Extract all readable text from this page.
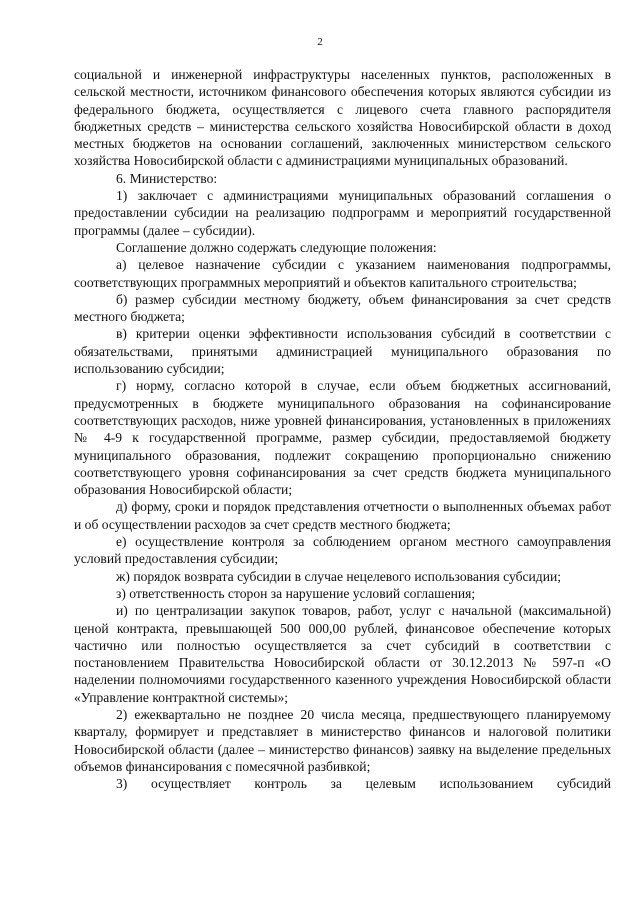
2

социальной и инженерной инфраструктуры населенных пунктов, расположенных в сельской местности, источником финансового обеспечения которых являются субсидии из федерального бюджета, осуществляется с лицевого счета главного распорядителя бюджетных средств – министерства сельского хозяйства Новосибирской области в доход местных бюджетов на основании соглашений, заключенных министерством сельского хозяйства Новосибирской области с администрациями муниципальных образований.

6. Министерство:

1) заключает с администрациями муниципальных образований соглашения о предоставлении субсидии на реализацию подпрограмм и мероприятий государственной программы (далее – субсидии).

Соглашение должно содержать следующие положения:

а) целевое назначение субсидии с указанием наименования подпрограммы, соответствующих программных мероприятий и объектов капитального строительства;

б) размер субсидии местному бюджету, объем финансирования за счет средств местного бюджета;

в) критерии оценки эффективности использования субсидий в соответствии с обязательствами, принятыми администрацией муниципального образования по использованию субсидии;

г) норму, согласно которой в случае, если объем бюджетных ассигнований, предусмотренных в бюджете муниципального образования на софинансирование соответствующих расходов, ниже уровней финансирования, установленных в приложениях № 4-9 к государственной программе, размер субсидии, предоставляемой бюджету муниципального образования, подлежит сокращению пропорционально снижению соответствующего уровня софинансирования за счет средств бюджета муниципального образования Новосибирской области;

д) форму, сроки и порядок представления отчетности о выполненных объемах работ и об осуществлении расходов за счет средств местного бюджета;

е) осуществление контроля за соблюдением органом местного самоуправления условий предоставления субсидии;

ж) порядок возврата субсидии в случае нецелевого использования субсидии;

з) ответственность сторон за нарушение условий соглашения;

и) по централизации закупок товаров, работ, услуг с начальной (максимальной) ценой контракта, превышающей 500 000,00 рублей, финансовое обеспечение которых частично или полностью осуществляется за счет субсидий в соответствии с постановлением Правительства Новосибирской области от 30.12.2013 № 597-п «О наделении полномочиями государственного казенного учреждения Новосибирской области «Управление контрактной системы»;

2) ежеквартально не позднее 20 числа месяца, предшествующего планируемому кварталу, формирует и представляет в министерство финансов и налоговой политики Новосибирской области (далее – министерство финансов) заявку на выделение предельных объемов финансирования с помесячной разбивкой;

3) осуществляет контроль за целевым использованием субсидий
